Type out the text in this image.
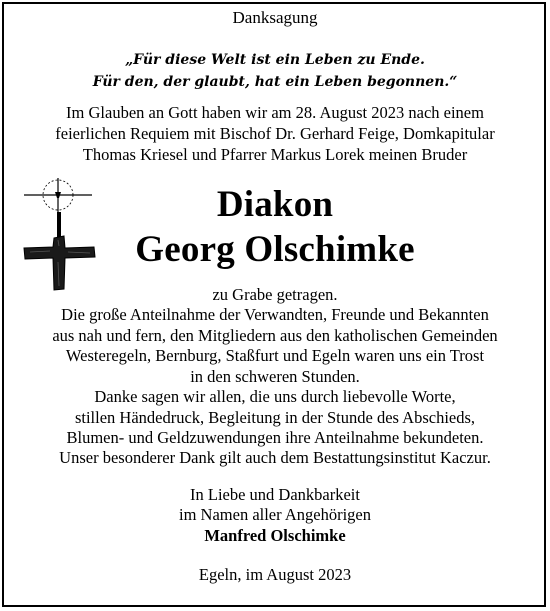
Danksagung
„Für diese Welt ist ein Leben zu Ende.
Für den, der glaubt, hat ein Leben begonnen.“
Im Glauben an Gott haben wir am 28. August 2023 nach einem
feierlichen Requiem mit Bischof Dr. Gerhard Feige, Domkapitular
Thomas Kriesel und Pfarrer Markus Lorek meinen Bruder
Diakon
Georg Olschimke
zu Grabe getragen.
Die große Anteilnahme der Verwandten, Freunde und Bekannten
aus nah und fern, den Mitgliedern aus den katholischen Gemeinden
Westeregeln, Bernburg, Staßfurt und Egeln waren uns ein Trost
in den schweren Stunden.
Danke sagen wir allen, die uns durch liebevolle Worte,
stillen Händedruck, Begleitung in der Stunde des Abschieds,
Blumen- und Geldzuwendungen ihre Anteilnahme bekundeten.
Unser besonderer Dank gilt auch dem Bestattungsinstitut Kaczur.
In Liebe und Dankbarkeit
im Namen aller Angehörigen
Manfred Olschimke
Egeln, im August 2023
